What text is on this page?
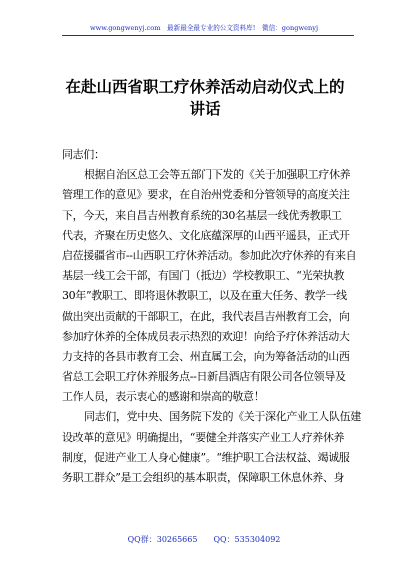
www.gongwenyj.com　最新最全最专业的公文资料库!　微信：gongwenyj
在赴山西省职工疗休养活动启动仪式上的
讲话
同志们：
根据自治区总工会等五部门下发的《关于加强职工疗休养
管理工作的意见》要求，在自治州党委和分管领导的高度关注
下，今天，来自昌吉州教育系统的30名基层一线优秀教职工
代表，齐聚在历史悠久、文化底蕴深厚的山西平遥县，正式开
启莅援疆省市--山西职工疗休养活动。参加此次疗休养的有来自
基层一线工会干部，有国门（抵边）学校教职工、“光荣执教
30年”教职工、即将退休教职工，以及在重大任务、教学一线
做出突出贡献的干部职工，在此，我代表昌吉州教育工会，向
参加疗休养的全体成员表示热烈的欢迎！向给予疗休养活动大
力支持的各县市教育工会、州直属工会，向为筹备活动的山西
省总工会职工疗休养服务点--日新昌酒店有限公司各位领导及
工作人员，表示衷心的感谢和崇高的敬意！
同志们，党中央、国务院下发的《关于深化产业工人队伍建
设改革的意见》明确提出，“要健全并落实产业工人疗养休养
制度，促进产业工人身心健康”。“维护职工合法权益、竭诚服
务职工群众”是工会组织的基本职责，保障职工休息休养、身
QQ群：30265665　　QQ：535304092
